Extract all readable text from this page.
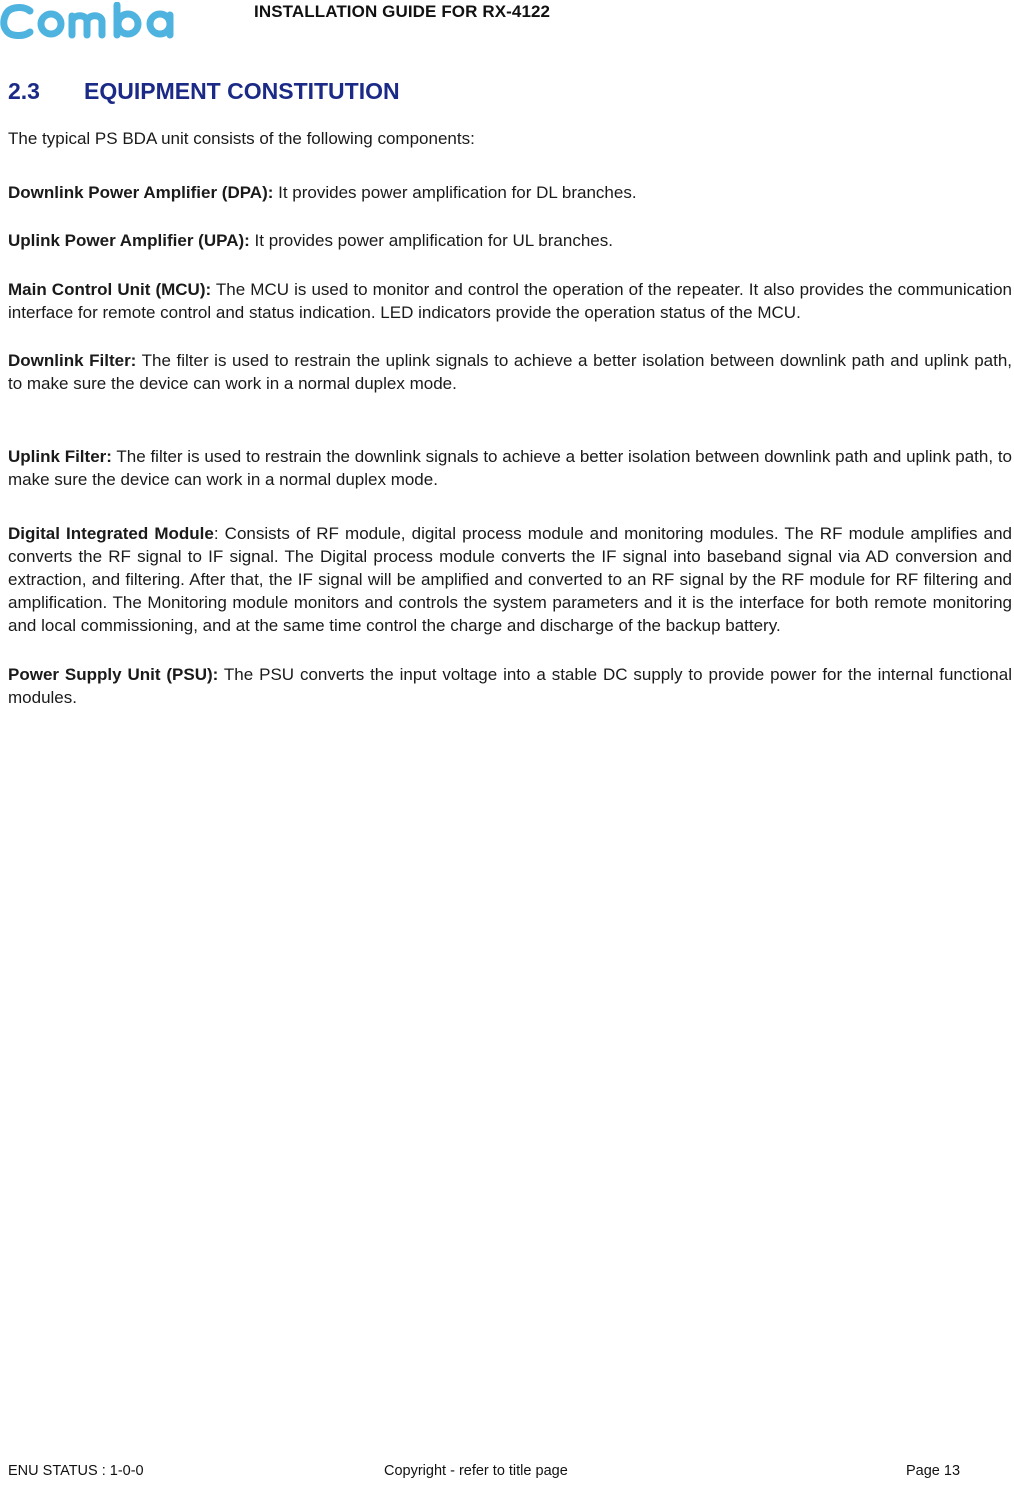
INSTALLATION GUIDE FOR RX-4122
2.3 EQUIPMENT CONSTITUTION

The typical PS BDA unit consists of the following components:

Downlink Power Amplifier (DPA): It provides power amplification for DL branches.

Uplink Power Amplifier (UPA): It provides power amplification for UL branches.

Main Control Unit (MCU): The MCU is used to monitor and control the operation of the repeater. It also provides the communication interface for remote control and status indication. LED indicators provide the operation status of the MCU.

Downlink Filter: The filter is used to restrain the uplink signals to achieve a better isolation between downlink path and uplink path, to make sure the device can work in a normal duplex mode.

Uplink Filter: The filter is used to restrain the downlink signals to achieve a better isolation between downlink path and uplink path, to make sure the device can work in a normal duplex mode.

Digital Integrated Module: Consists of RF module, digital process module and monitoring modules. The RF module amplifies and converts the RF signal to IF signal. The Digital process module converts the IF signal into baseband signal via AD conversion and extraction, and filtering. After that, the IF signal will be amplified and converted to an RF signal by the RF module for RF filtering and amplification. The Monitoring module monitors and controls the system parameters and it is the interface for both remote monitoring and local commissioning, and at the same time control the charge and discharge of the backup battery.

Power Supply Unit (PSU): The PSU converts the input voltage into a stable DC supply to provide power for the internal functional modules.

ENU STATUS : 1-0-0	Copyright - refer to title page	Page 13
